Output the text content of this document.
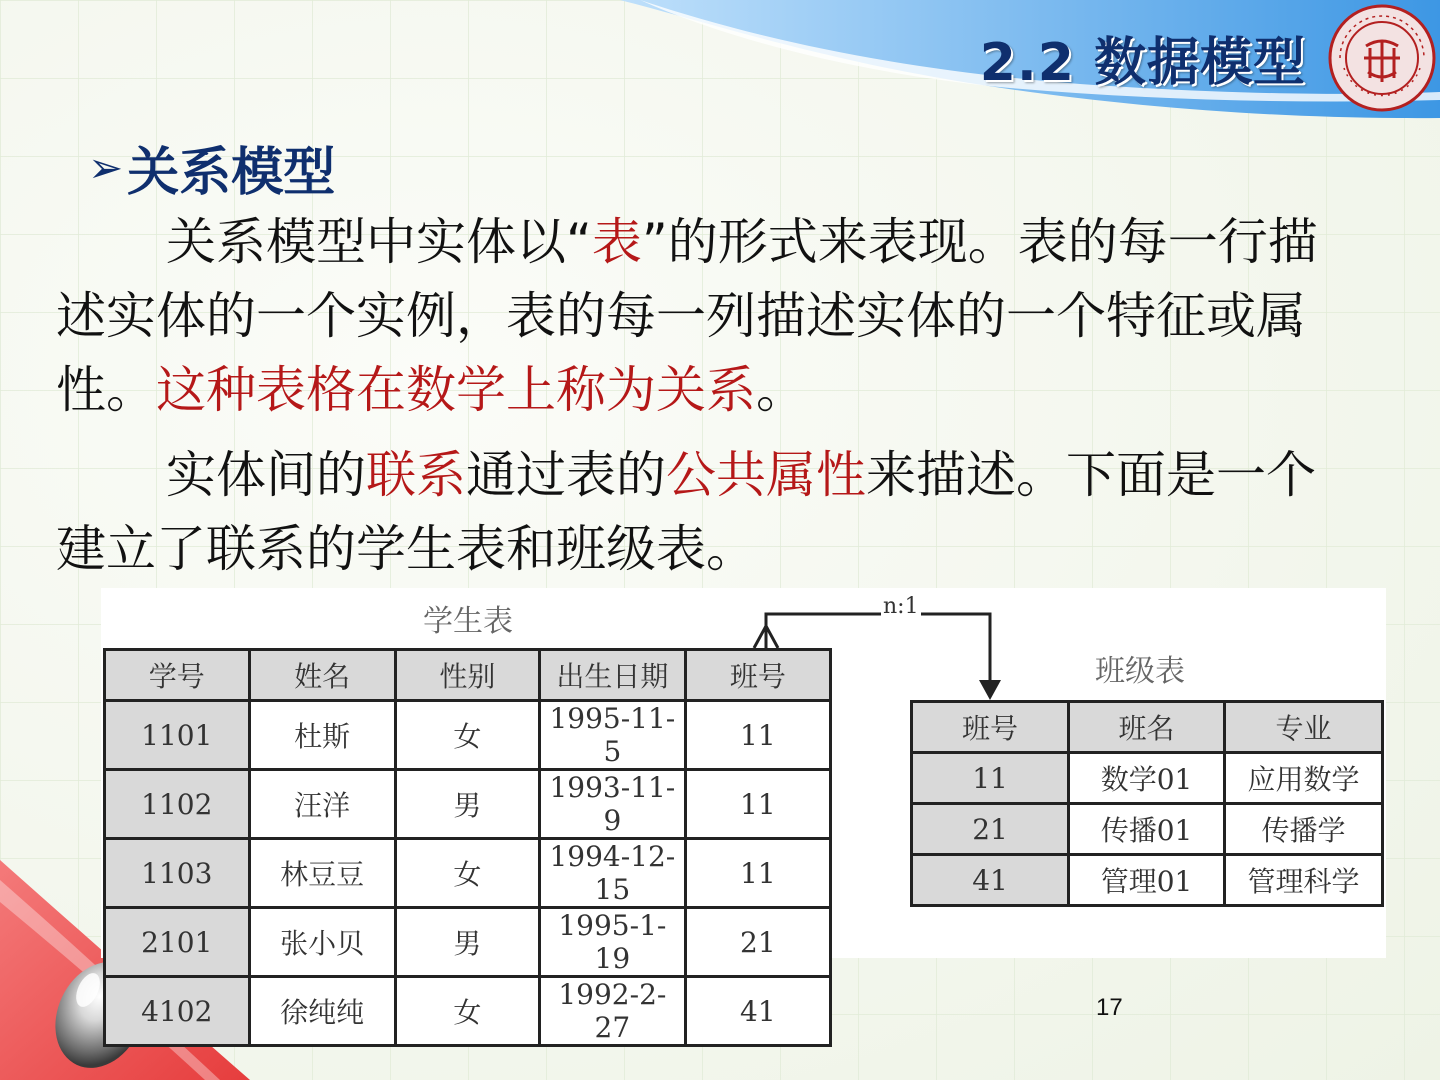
2.2 数据模型
➢ 关系模型
关系模型中实体以“表”的形式来表现。表的每一行描述实体的一个实例，表的每一列描述实体的一个特征或属性。这种表格在数学上称为关系。
实体间的联系通过表的公共属性来描述。下面是一个建立了联系的学生表和班级表。
学生表
班级表
n:1
学号	姓名	性别	出生日期	班号
1101	杜斯	女	1995-11-5	11
1102	汪洋	男	1993-11-9	11
1103	林豆豆	女	1994-12-15	11
2101	张小贝	男	1995-1-19	21
4102	徐纯纯	女	1992-2-27	41
班号	班名	专业
11	数学01	应用数学
21	传播01	传播学
41	管理01	管理科学
17
